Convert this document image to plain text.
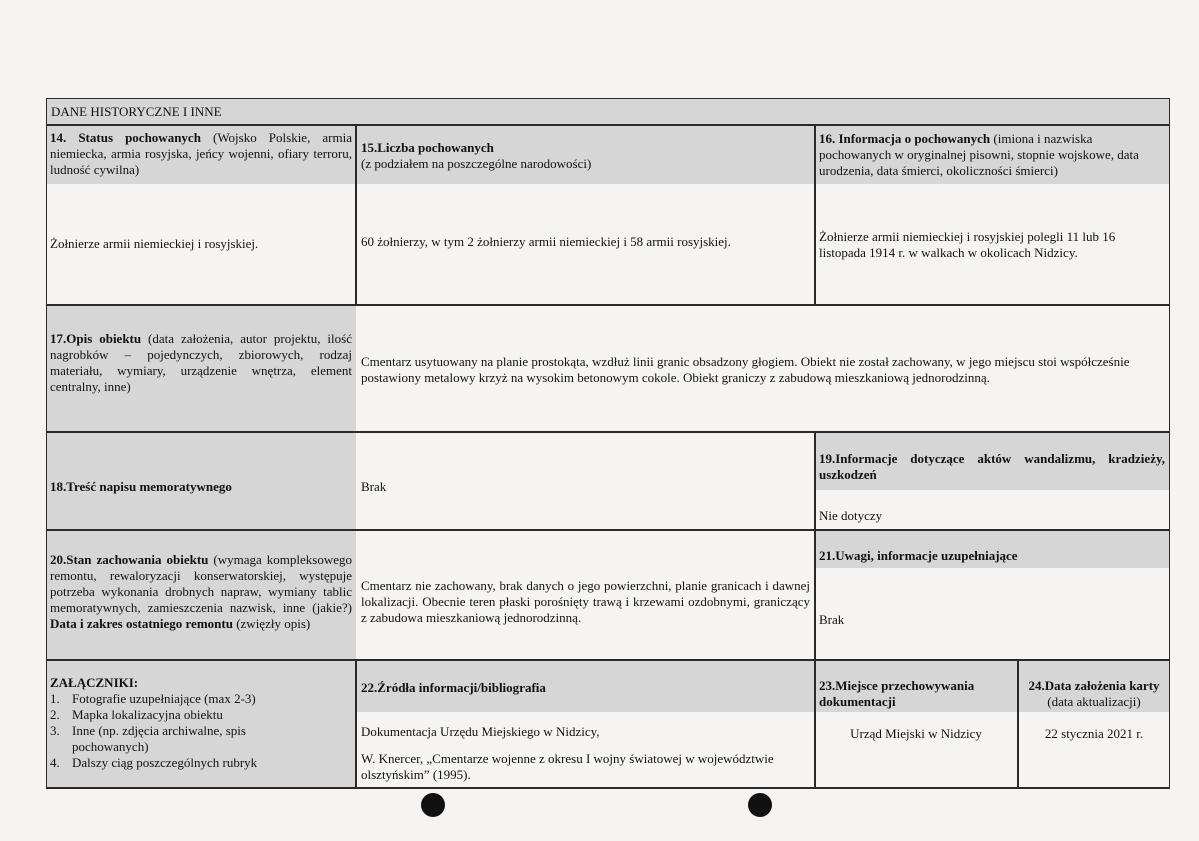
DANE HISTORYCZNE I INNE
14. Status pochowanych (Wojsko Polskie, armia niemiecka, armia rosyjska, jeńcy wojenni, ofiary terroru, ludność cywilna)
Żołnierze armii niemieckiej i rosyjskiej.
15.Liczba pochowanych
(z podziałem na poszczególne narodowości)
60 żołnierzy, w tym 2 żołnierzy armii niemieckiej i 58 armii rosyjskiej.
16. Informacja o pochowanych (imiona i nazwiska pochowanych w oryginalnej pisowni, stopnie wojskowe, data urodzenia, data śmierci, okoliczności śmierci)
Żołnierze armii niemieckiej i rosyjskiej polegli 11 lub 16 listopada 1914 r. w walkach w okolicach Nidzicy.
17.Opis obiektu (data założenia, autor projektu, ilość nagrobków – pojedynczych, zbiorowych, rodzaj materiału, wymiary, urządzenie wnętrza, element centralny, inne)
Cmentarz usytuowany na planie prostokąta, wzdłuż linii granic obsadzony głogiem. Obiekt nie został zachowany, w jego miejscu stoi współcześnie postawiony metalowy krzyż na wysokim betonowym cokole. Obiekt graniczy z zabudową mieszkaniową jednorodzinną.
18.Treść napisu memoratywnego	Brak
19.Informacje dotyczące aktów wandalizmu, kradzieży, uszkodzeń
Nie dotyczy
20.Stan zachowania obiektu (wymaga kompleksowego remontu, rewaloryzacji konserwatorskiej, występuje potrzeba wykonania drobnych napraw, wymiany tablic memoratywnych, zamieszczenia nazwisk, inne (jakie?) Data i zakres ostatniego remontu (zwięzły opis)
Cmentarz nie zachowany, brak danych o jego powierzchni, planie granicach i dawnej lokalizacji. Obecnie teren płaski porośnięty trawą i krzewami ozdobnymi, graniczący z zabudowa mieszkaniową jednorodzinną.
21.Uwagi, informacje uzupełniające
Brak
ZAŁĄCZNIKI:
1. Fotografie uzupełniające (max 2-3)
2. Mapka lokalizacyjna obiektu
3. Inne (np. zdjęcia archiwalne, spis pochowanych)
4. Dalszy ciąg poszczególnych rubryk
22.Źródła informacji/bibliografia
Dokumentacja Urzędu Miejskiego w Nidzicy,
W. Knercer, „Cmentarze wojenne z okresu I wojny światowej w województwie olsztyńskim” (1995).
23.Miejsce przechowywania dokumentacji
Urząd Miejski w Nidzicy
24.Data założenia karty (data aktualizacji)
22 stycznia 2021 r.
